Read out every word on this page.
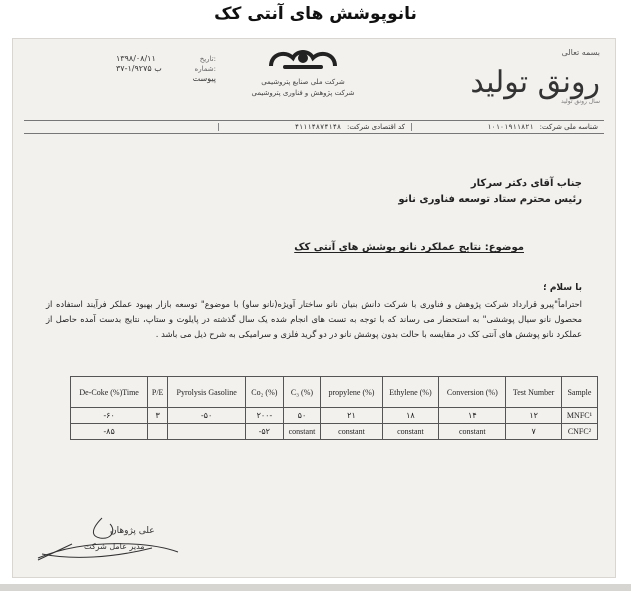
نانوپوشش های آنتی کک
۱۳۹۸/۰۸/۱۱	تاریخ:
۳۷-۱/۹۲۷۵ ب	شماره:
پیوست	شرکت ملی صنایع پتروشیمی
شرکت پژوهش و فناوری پتروشیمی
بسمه تعالی
رونق تولید
سال رونق تولید
شناسه ملی شرکت:
۱۰۱۰۱۹۱۱۸۲۱
کد اقتصادی شرکت:
۴۱۱۱۴۸۷۴۱۴۸
جناب آقای دکتر سرکار
رئیس محترم ستاد توسعه فناوری نانو
موضوع: نتایج عملکرد نانو پوشش های آنتی کک
با سلام ؛
احتراماً"پیرو قرارداد شرکت پژوهش و فناوری با شرکت دانش بنیان نانو ساختار آویژه(نانو ساو) با موضوع" توسعه بازار بهبود عملکر فرآیند استفاده از محصول نانو سیال پوششی" به استحضار می رساند که با توجه به تست های انجام شده یک سال گذشته در پایلوت و ستاپ، نتایج بدست آمده حاصل از عملکرد نانو پوشش های آنتی کک در مقایسه با حالت بدون پوشش نانو در دو گرید فلزی و سرامیکی به شرح ذیل می باشد .
De-Coke (%)Time	P/E	Pyrolysis Gasoline	Co₂ (%)	C₃ (%)	propylene (%)	Ethylene (%)	Conversion (%)	Test Number	Sample
-۶۰	۳	-۵۰	۲۰۰-	۵۰	۲۱	۱۸	۱۴	۱۲	MNFC¹
-۸۵			-۵۲	constant	constant	constant	constant	۷	CNFC²
علی پژوهان
مدیر عامل شرکت
